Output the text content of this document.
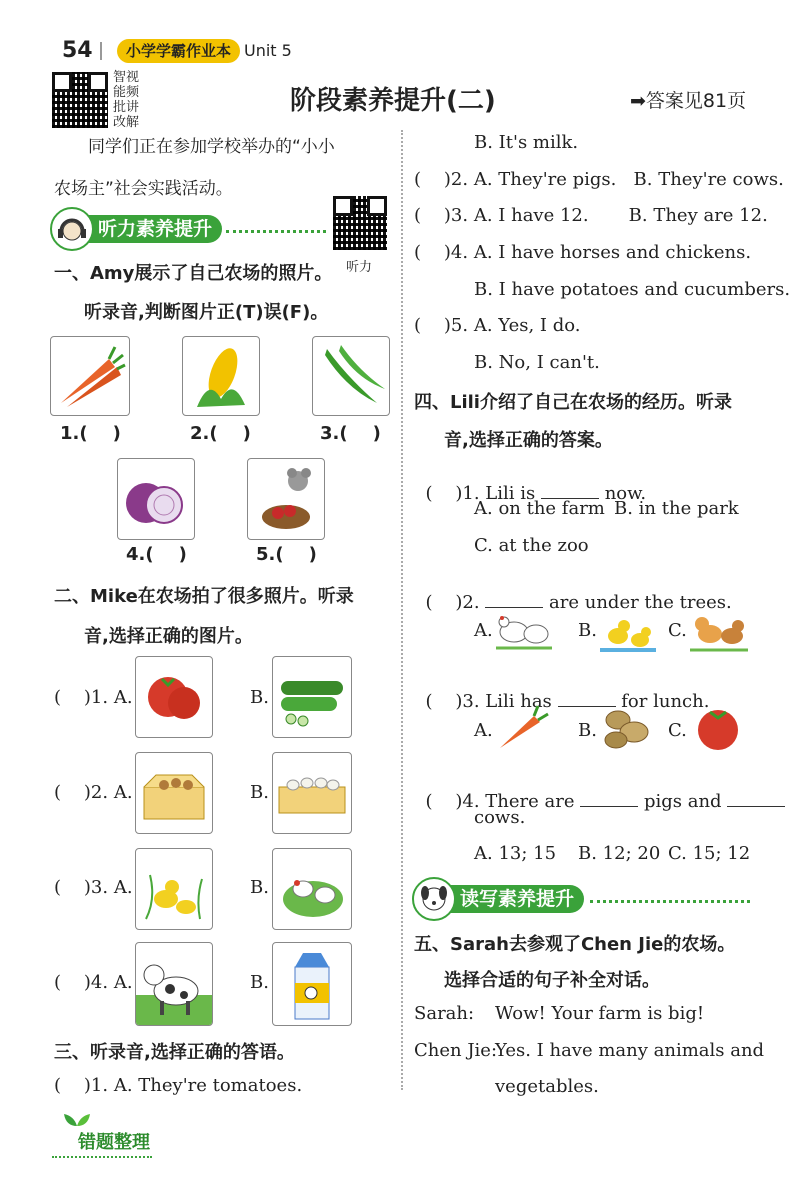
54	小学学霸作业本 Unit 5
智视
能频
批讲
改解
阶段素养提升(二)	➡答案见81页
同学们正在参加学校举办的“小小
农场主”社会实践活动。
听力素养提升
听力
一、Amy展示了自己农场的照片。
听录音,判断图片正(T)误(F)。
1.(    )	2.(    )	3.(    )
4.(    )	5.(    )
二、Mike在农场拍了很多照片。听录
音,选择正确的图片。
(    )1. A.	B.
(    )2. A.	B.
(    )3. A.	B.
(    )4. A.	B.
三、听录音,选择正确的答语。
(    )1. A. They're tomatoes.
B. It's milk.
(    )2. A. They're pigs.   B. They're cows.
(    )3. A. I have 12.       B. They are 12.
(    )4. A. I have horses and chickens.
B. I have potatoes and cucumbers.
(    )5. A. Yes, I do.
B. No, I can't.
四、Lili介绍了自己在农场的经历。听录
音,选择正确的答案。

(    )1. Lili is	now.

A. on the farm B. in the park
C. at the zoo

(    )2.	are under the trees.

A.	B.	C.

(    )3. Lili has	for lunch.

A.	B.	C.

(    )4. There are	pigs and

cows.
A. 13; 15 B. 12; 20 C. 15; 12
读写素养提升
五、Sarah去参观了Chen Jie的农场。
选择合适的句子补全对话。
Sarah: Wow! Your farm is big!
Chen Jie:
Yes. I have many animals and
vegetables.
错题整理
